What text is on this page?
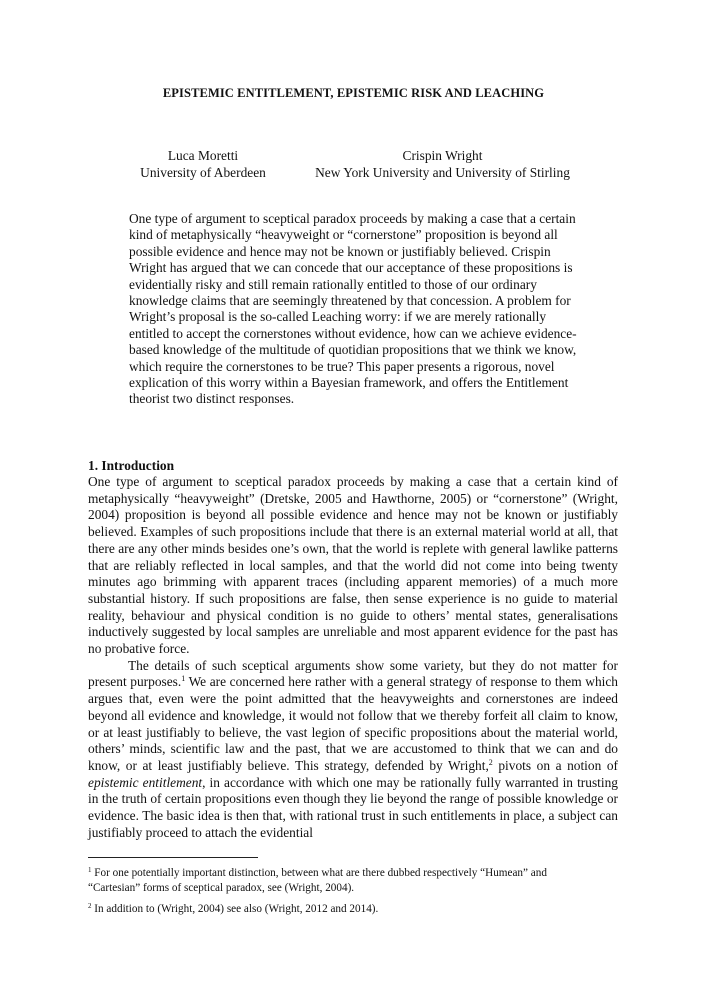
EPISTEMIC ENTITLEMENT, EPISTEMIC RISK AND LEACHING
Luca Moretti
University of Aberdeen
Crispin Wright
New York University and University of Stirling

One type of argument to sceptical paradox proceeds by making a case that a certain kind of metaphysically “heavyweight or “cornerstone” proposition is beyond all possible evidence and hence may not be known or justifiably believed. Crispin Wright has argued that we can concede that our acceptance of these propositions is evidentially risky and still remain rationally entitled to those of our ordinary knowledge claims that are seemingly threatened by that concession. A problem for Wright’s proposal is the so-called Leaching worry: if we are merely rationally entitled to accept the cornerstones without evidence, how can we achieve evidence-based knowledge of the multitude of quotidian propositions that we think we know, which require the cornerstones to be true? This paper presents a rigorous, novel explication of this worry within a Bayesian framework, and offers the Entitlement theorist two distinct responses.

1. Introduction

One type of argument to sceptical paradox proceeds by making a case that a certain kind of metaphysically “heavyweight” (Dretske, 2005 and Hawthorne, 2005) or “cornerstone” (Wright, 2004) proposition is beyond all possible evidence and hence may not be known or justifiably believed. Examples of such propositions include that there is an external material world at all, that there are any other minds besides one’s own, that the world is replete with general lawlike patterns that are reliably reflected in local samples, and that the world did not come into being twenty minutes ago brimming with apparent traces (including apparent memories) of a much more substantial history. If such propositions are false, then sense experience is no guide to material reality, behaviour and physical condition is no guide to others’ mental states, generalisations inductively suggested by local samples are unreliable and most apparent evidence for the past has no probative force.

The details of such sceptical arguments show some variety, but they do not matter for present purposes.$^1$ We are concerned here rather with a general strategy of response to them which argues that, even were the point admitted that the heavyweights and cornerstones are indeed beyond all evidence and knowledge, it would not follow that we thereby forfeit all claim to know, or at least justifiably to believe, the vast legion of specific propositions about the material world, others’ minds, scientific law and the past, that we are accustomed to think that we can and do know, or at least justifiably believe. This strategy, defended by Wright,$^2$ pivots on a notion of epistemic entitlement, in accordance with which one may be rationally fully warranted in trusting in the truth of certain propositions even though they lie beyond the range of possible knowledge or evidence. The basic idea is then that, with rational trust in such entitlements in place, a subject can justifiably proceed to attach the evidential

$^1$ For one potentially important distinction, between what are there dubbed respectively “Humean” and “Cartesian” forms of sceptical paradox, see (Wright, 2004).

$^2$ In addition to (Wright, 2004) see also (Wright, 2012 and 2014).
